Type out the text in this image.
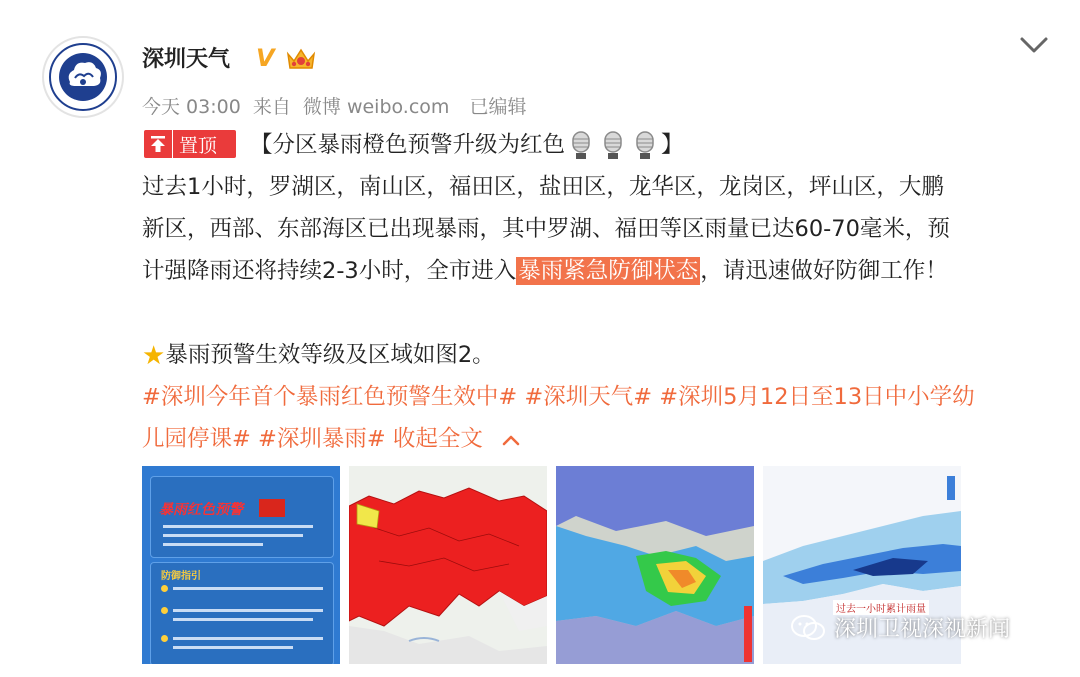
深圳天气 V
今天 03:00 来自 微博 weibo.com 已编辑
置顶	【分区暴雨橙色预警升级为红色	】
过去1小时，罗湖区，南山区，福田区，盐田区，龙华区，龙岗区，坪山区，大鹏
新区，西部、东部海区已出现暴雨，其中罗湖、福田等区雨量已达60-70毫米，预
计强降雨还将持续2-3小时，全市进入暴雨紧急防御状态，请迅速做好防御工作！
★暴雨预警生效等级及区域如图2。
#深圳今年首个暴雨红色预警生效中# #深圳天气# #深圳5月12日至13日中小学幼
儿园停课# #深圳暴雨# 收起全文
暴雨红色预警
防御指引
过去一小时累计雨量
深圳卫视深视新闻
